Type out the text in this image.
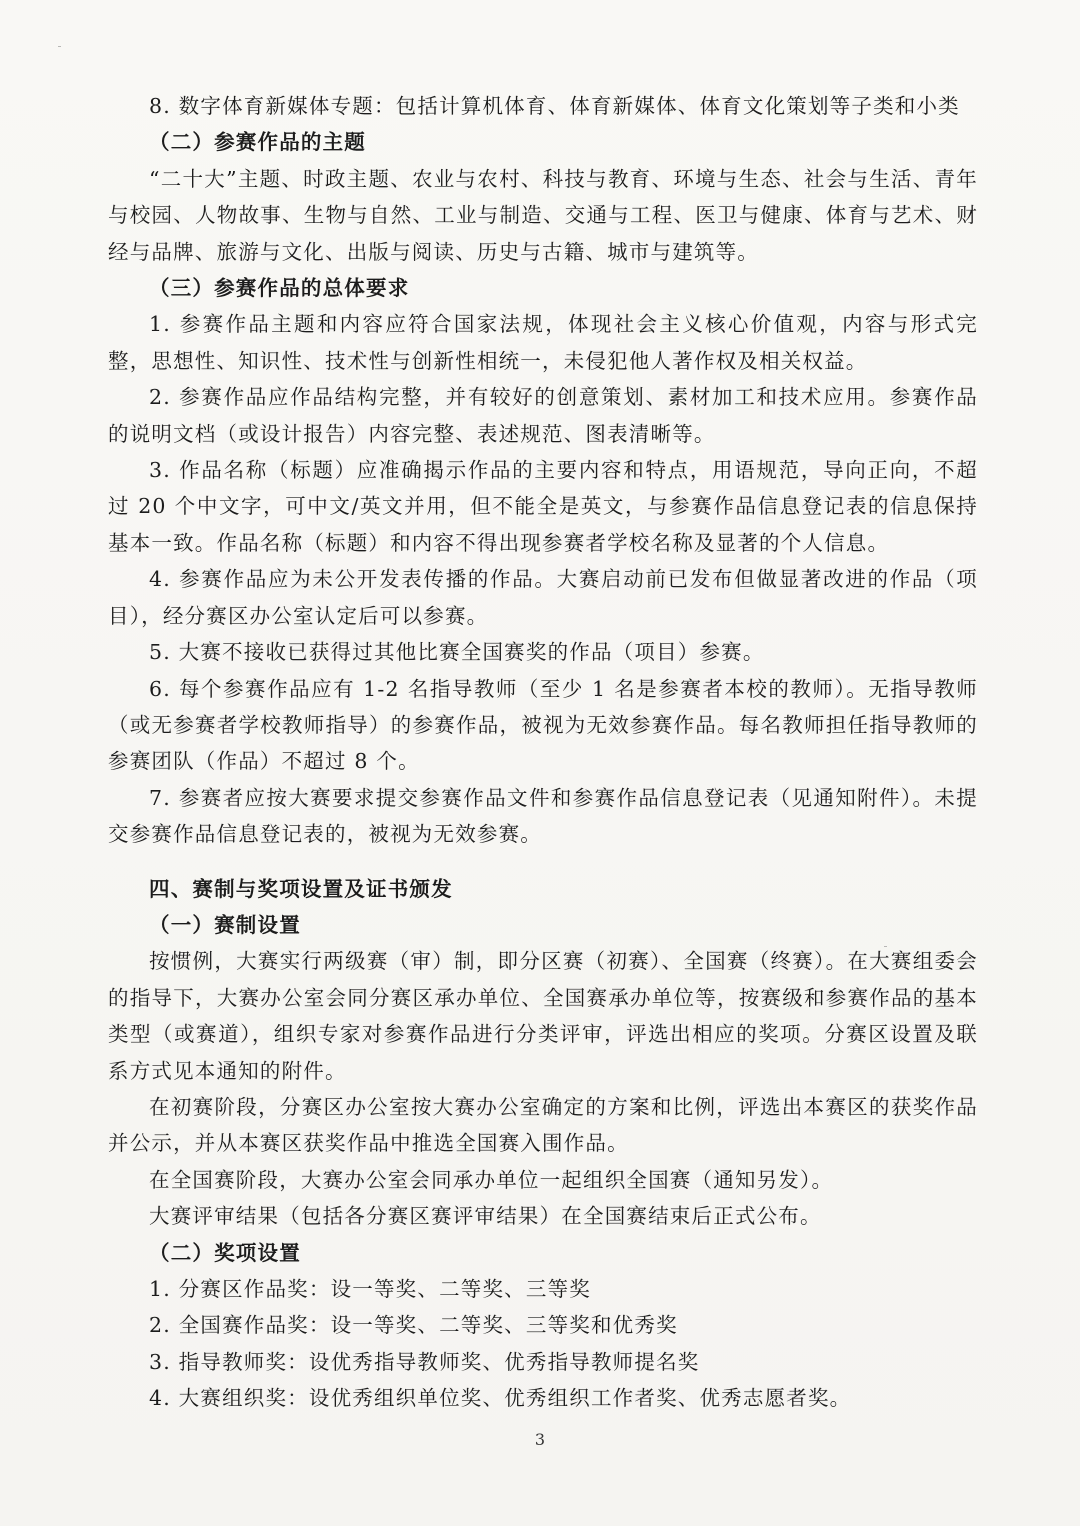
8. 数字体育新媒体专题：包括计算机体育、体育新媒体、体育文化策划等子类和小类

（二）参赛作品的主题

“二十大”主题、时政主题、农业与农村、科技与教育、环境与生态、社会与生活、青年与校园、人物故事、生物与自然、工业与制造、交通与工程、医卫与健康、体育与艺术、财经与品牌、旅游与文化、出版与阅读、历史与古籍、城市与建筑等。

（三）参赛作品的总体要求

1. 参赛作品主题和内容应符合国家法规，体现社会主义核心价值观，内容与形式完整，思想性、知识性、技术性与创新性相统一，未侵犯他人著作权及相关权益。

2. 参赛作品应作品结构完整，并有较好的创意策划、素材加工和技术应用。参赛作品的说明文档（或设计报告）内容完整、表述规范、图表清晰等。

3. 作品名称（标题）应准确揭示作品的主要内容和特点，用语规范，导向正向，不超过 20 个中文字，可中文/英文并用，但不能全是英文，与参赛作品信息登记表的信息保持基本一致。作品名称（标题）和内容不得出现参赛者学校名称及显著的个人信息。

4. 参赛作品应为未公开发表传播的作品。大赛启动前已发布但做显著改进的作品（项目），经分赛区办公室认定后可以参赛。

5. 大赛不接收已获得过其他比赛全国赛奖的作品（项目）参赛。

6. 每个参赛作品应有 1-2 名指导教师（至少 1 名是参赛者本校的教师）。无指导教师（或无参赛者学校教师指导）的参赛作品，被视为无效参赛作品。每名教师担任指导教师的参赛团队（作品）不超过 8 个。

7. 参赛者应按大赛要求提交参赛作品文件和参赛作品信息登记表（见通知附件）。未提交参赛作品信息登记表的，被视为无效参赛。

四、赛制与奖项设置及证书颁发

（一）赛制设置

按惯例，大赛实行两级赛（审）制，即分区赛（初赛）、全国赛（终赛）。在大赛组委会的指导下，大赛办公室会同分赛区承办单位、全国赛承办单位等，按赛级和参赛作品的基本类型（或赛道），组织专家对参赛作品进行分类评审，评选出相应的奖项。分赛区设置及联系方式见本通知的附件。

在初赛阶段，分赛区办公室按大赛办公室确定的方案和比例，评选出本赛区的获奖作品并公示，并从本赛区获奖作品中推选全国赛入围作品。

在全国赛阶段，大赛办公室会同承办单位一起组织全国赛（通知另发）。

大赛评审结果（包括各分赛区赛评审结果）在全国赛结束后正式公布。

（二）奖项设置

1. 分赛区作品奖：设一等奖、二等奖、三等奖

2. 全国赛作品奖：设一等奖、二等奖、三等奖和优秀奖

3. 指导教师奖：设优秀指导教师奖、优秀指导教师提名奖

4. 大赛组织奖：设优秀组织单位奖、优秀组织工作者奖、优秀志愿者奖。

3
